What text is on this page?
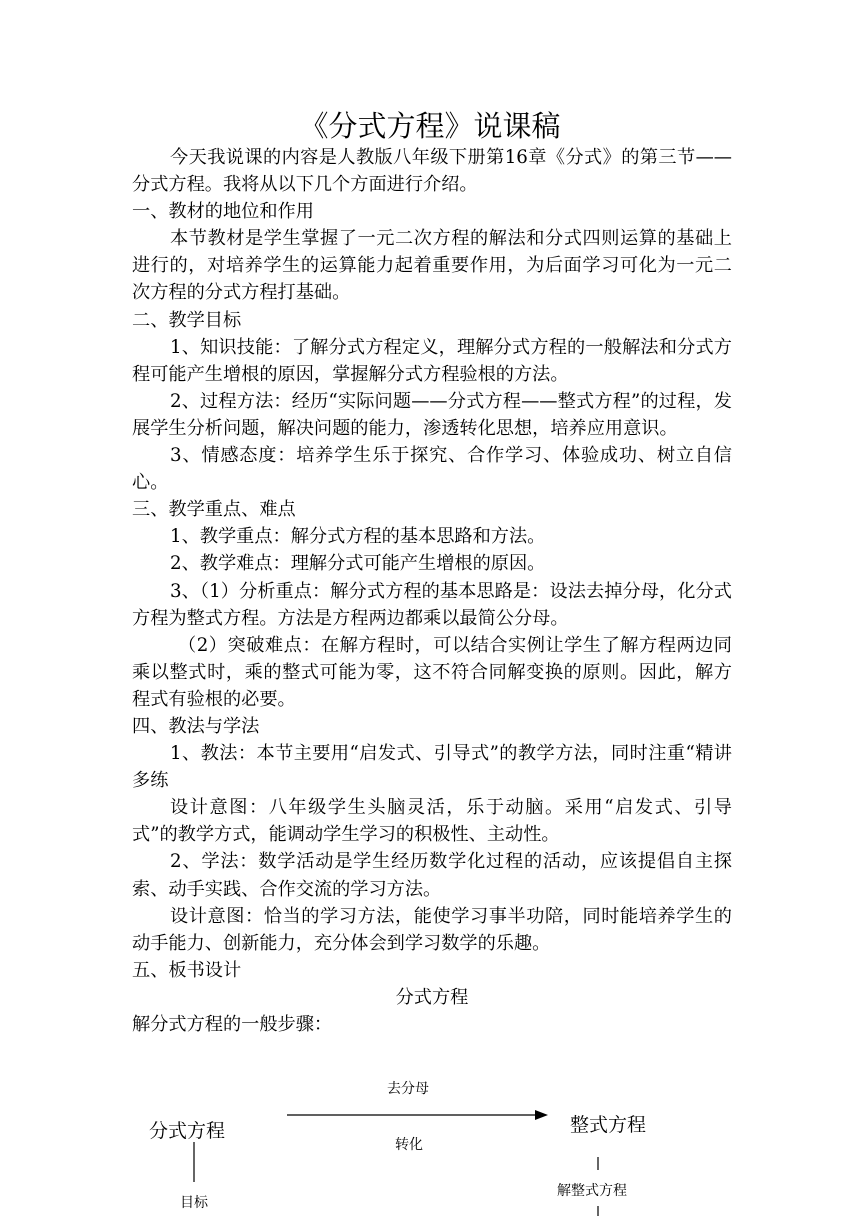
《分式方程》说课稿

今天我说课的内容是人教版八年级下册第16章《分式》的第三节——分式方程。我将从以下几个方面进行介绍。

一、教材的地位和作用

本节教材是学生掌握了一元二次方程的解法和分式四则运算的基础上进行的，对培养学生的运算能力起着重要作用，为后面学习可化为一元二次方程的分式方程打基础。

二、教学目标

1、知识技能：了解分式方程定义，理解分式方程的一般解法和分式方程可能产生增根的原因，掌握解分式方程验根的方法。

2、过程方法：经历“实际问题——分式方程——整式方程”的过程，发展学生分析问题，解决问题的能力，渗透转化思想，培养应用意识。

3、情感态度：培养学生乐于探究、合作学习、体验成功、树立自信心。

三、教学重点、难点

1、教学重点：解分式方程的基本思路和方法。

2、教学难点：理解分式可能产生增根的原因。

3、（1）分析重点：解分式方程的基本思路是：设法去掉分母，化分式方程为整式方程。方法是方程两边都乘以最简公分母。

（2）突破难点：在解方程时，可以结合实例让学生了解方程两边同乘以整式时，乘的整式可能为零，这不符合同解变换的原则。因此，解方程式有验根的必要。

四、教法与学法

1、教法：本节主要用“启发式、引导式”的教学方法，同时注重“精讲多练

设计意图：八年级学生头脑灵活，乐于动脑。采用“启发式、引导式”的教学方式，能调动学生学习的积极性、主动性。

2、学法：数学活动是学生经历数学化过程的活动，应该提倡自主探索、动手实践、合作交流的学习方法。

设计意图：恰当的学习方法，能使学习事半功陪，同时能培养学生的动手能力、创新能力，充分体会到学习数学的乐趣。

五、板书设计

分式方程

解分式方程的一般步骤：

分式方程	整式方程
去分母
转化
目标
解整式方程
